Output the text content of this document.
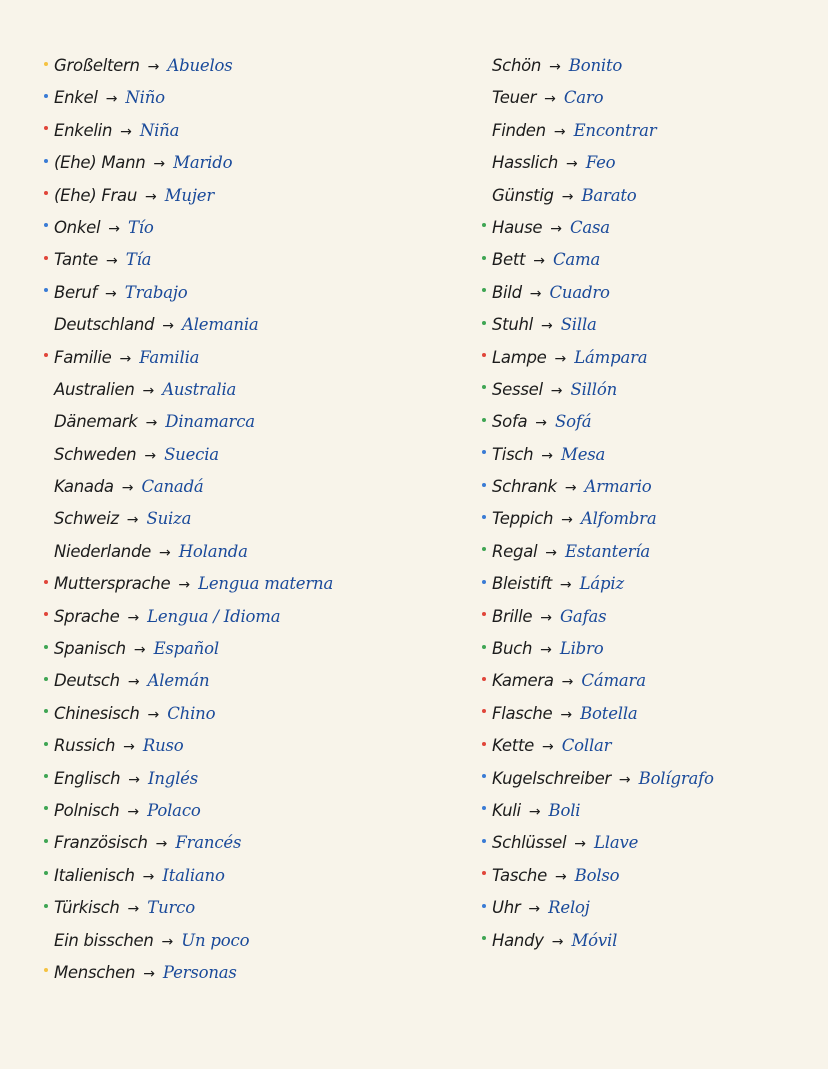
Großeltern → Abuelos
Enkel → Niño
Enkelin → Niña
(Ehe) Mann → Marido
(Ehe) Frau → Mujer
Onkel → Tío
Tante → Tía
Beruf → Trabajo
Deutschland → Alemania
Familie → Familia
Australien → Australia
Dänemark → Dinamarca
Schweden → Suecia
Kanada → Canadá
Schweiz → Suiza
Niederlande → Holanda
Muttersprache → Lengua materna
Sprache → Lengua / Idioma
Spanisch → Español
Deutsch → Alemán
Chinesisch → Chino
Russich → Ruso
Englisch → Inglés
Polnisch → Polaco
Französisch → Francés
Italienisch → Italiano
Türkisch → Turco
Ein bisschen → Un poco
Menschen → Personas
Schön → Bonito
Teuer → Caro
Finden → Encontrar
Hasslich → Feo
Günstig → Barato
Hause → Casa
Bett → Cama
Bild → Cuadro
Stuhl → Silla
Lampe → Lámpara
Sessel → Sillón
Sofa → Sofá
Tisch → Mesa
Schrank → Armario
Teppich → Alfombra
Regal → Estantería
Bleistift → Lápiz
Brille → Gafas
Buch → Libro
Kamera → Cámara
Flasche → Botella
Kette → Collar
Kugelschreiber → Bolígrafo
Kuli → Boli
Schlüssel → Llave
Tasche → Bolso
Uhr → Reloj
Handy → Móvil
